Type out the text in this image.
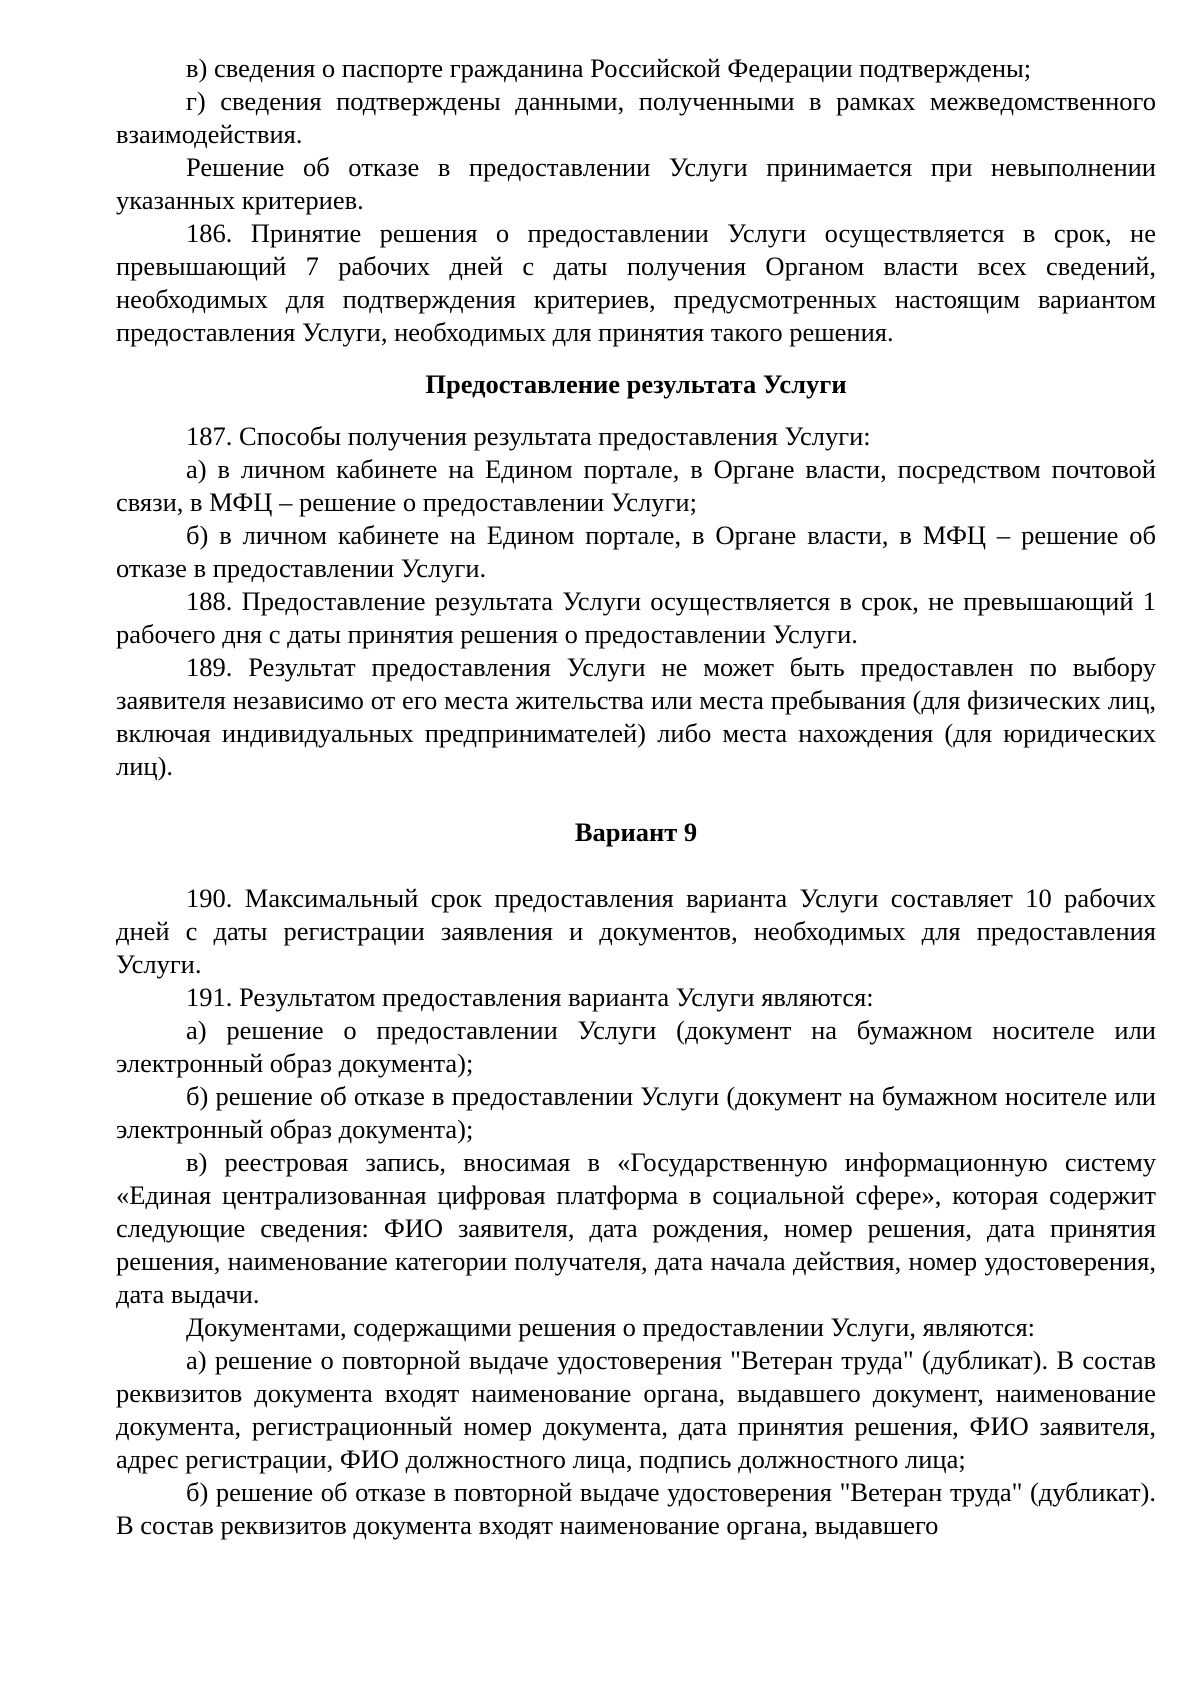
в) сведения о паспорте гражданина Российской Федерации подтверждены;

г) сведения подтверждены данными, полученными в рамках межведомственного взаимодействия.

Решение об отказе в предоставлении Услуги принимается при невыполнении указанных критериев.

186. Принятие решения о предоставлении Услуги осуществляется в срок, не превышающий 7 рабочих дней с даты получения Органом власти всех сведений, необходимых для подтверждения критериев, предусмотренных настоящим вариантом предоставления Услуги, необходимых для принятия такого решения.

Предоставление результата Услуги

187. Способы получения результата предоставления Услуги:

а) в личном кабинете на Едином портале, в Органе власти, посредством почтовой связи, в МФЦ – решение о предоставлении Услуги;

б) в личном кабинете на Едином портале, в Органе власти, в МФЦ – решение об отказе в предоставлении Услуги.

188. Предоставление результата Услуги осуществляется в срок, не превышающий 1 рабочего дня с даты принятия решения о предоставлении Услуги.

189. Результат предоставления Услуги не может быть предоставлен по выбору заявителя независимо от его места жительства или места пребывания (для физических лиц, включая индивидуальных предпринимателей) либо места нахождения (для юридических лиц).

Вариант 9

190. Максимальный срок предоставления варианта Услуги составляет 10 рабочих дней с даты регистрации заявления и документов, необходимых для предоставления Услуги.

191. Результатом предоставления варианта Услуги являются:

а) решение о предоставлении Услуги (документ на бумажном носителе или электронный образ документа);

б) решение об отказе в предоставлении Услуги (документ на бумажном носителе или электронный образ документа);

в) реестровая запись, вносимая в «Государственную информационную систему «Единая централизованная цифровая платформа в социальной сфере», которая содержит следующие сведения: ФИО заявителя, дата рождения, номер решения, дата принятия решения, наименование категории получателя, дата начала действия, номер удостоверения, дата выдачи.

Документами, содержащими решения о предоставлении Услуги, являются:

а) решение о повторной выдаче удостоверения "Ветеран труда" (дубликат). В состав реквизитов документа входят наименование органа, выдавшего документ, наименование документа, регистрационный номер документа, дата принятия решения, ФИО заявителя, адрес регистрации, ФИО должностного лица, подпись должностного лица;

б) решение об отказе в повторной выдаче удостоверения "Ветеран труда" (дубликат). В состав реквизитов документа входят наименование органа, выдавшего
